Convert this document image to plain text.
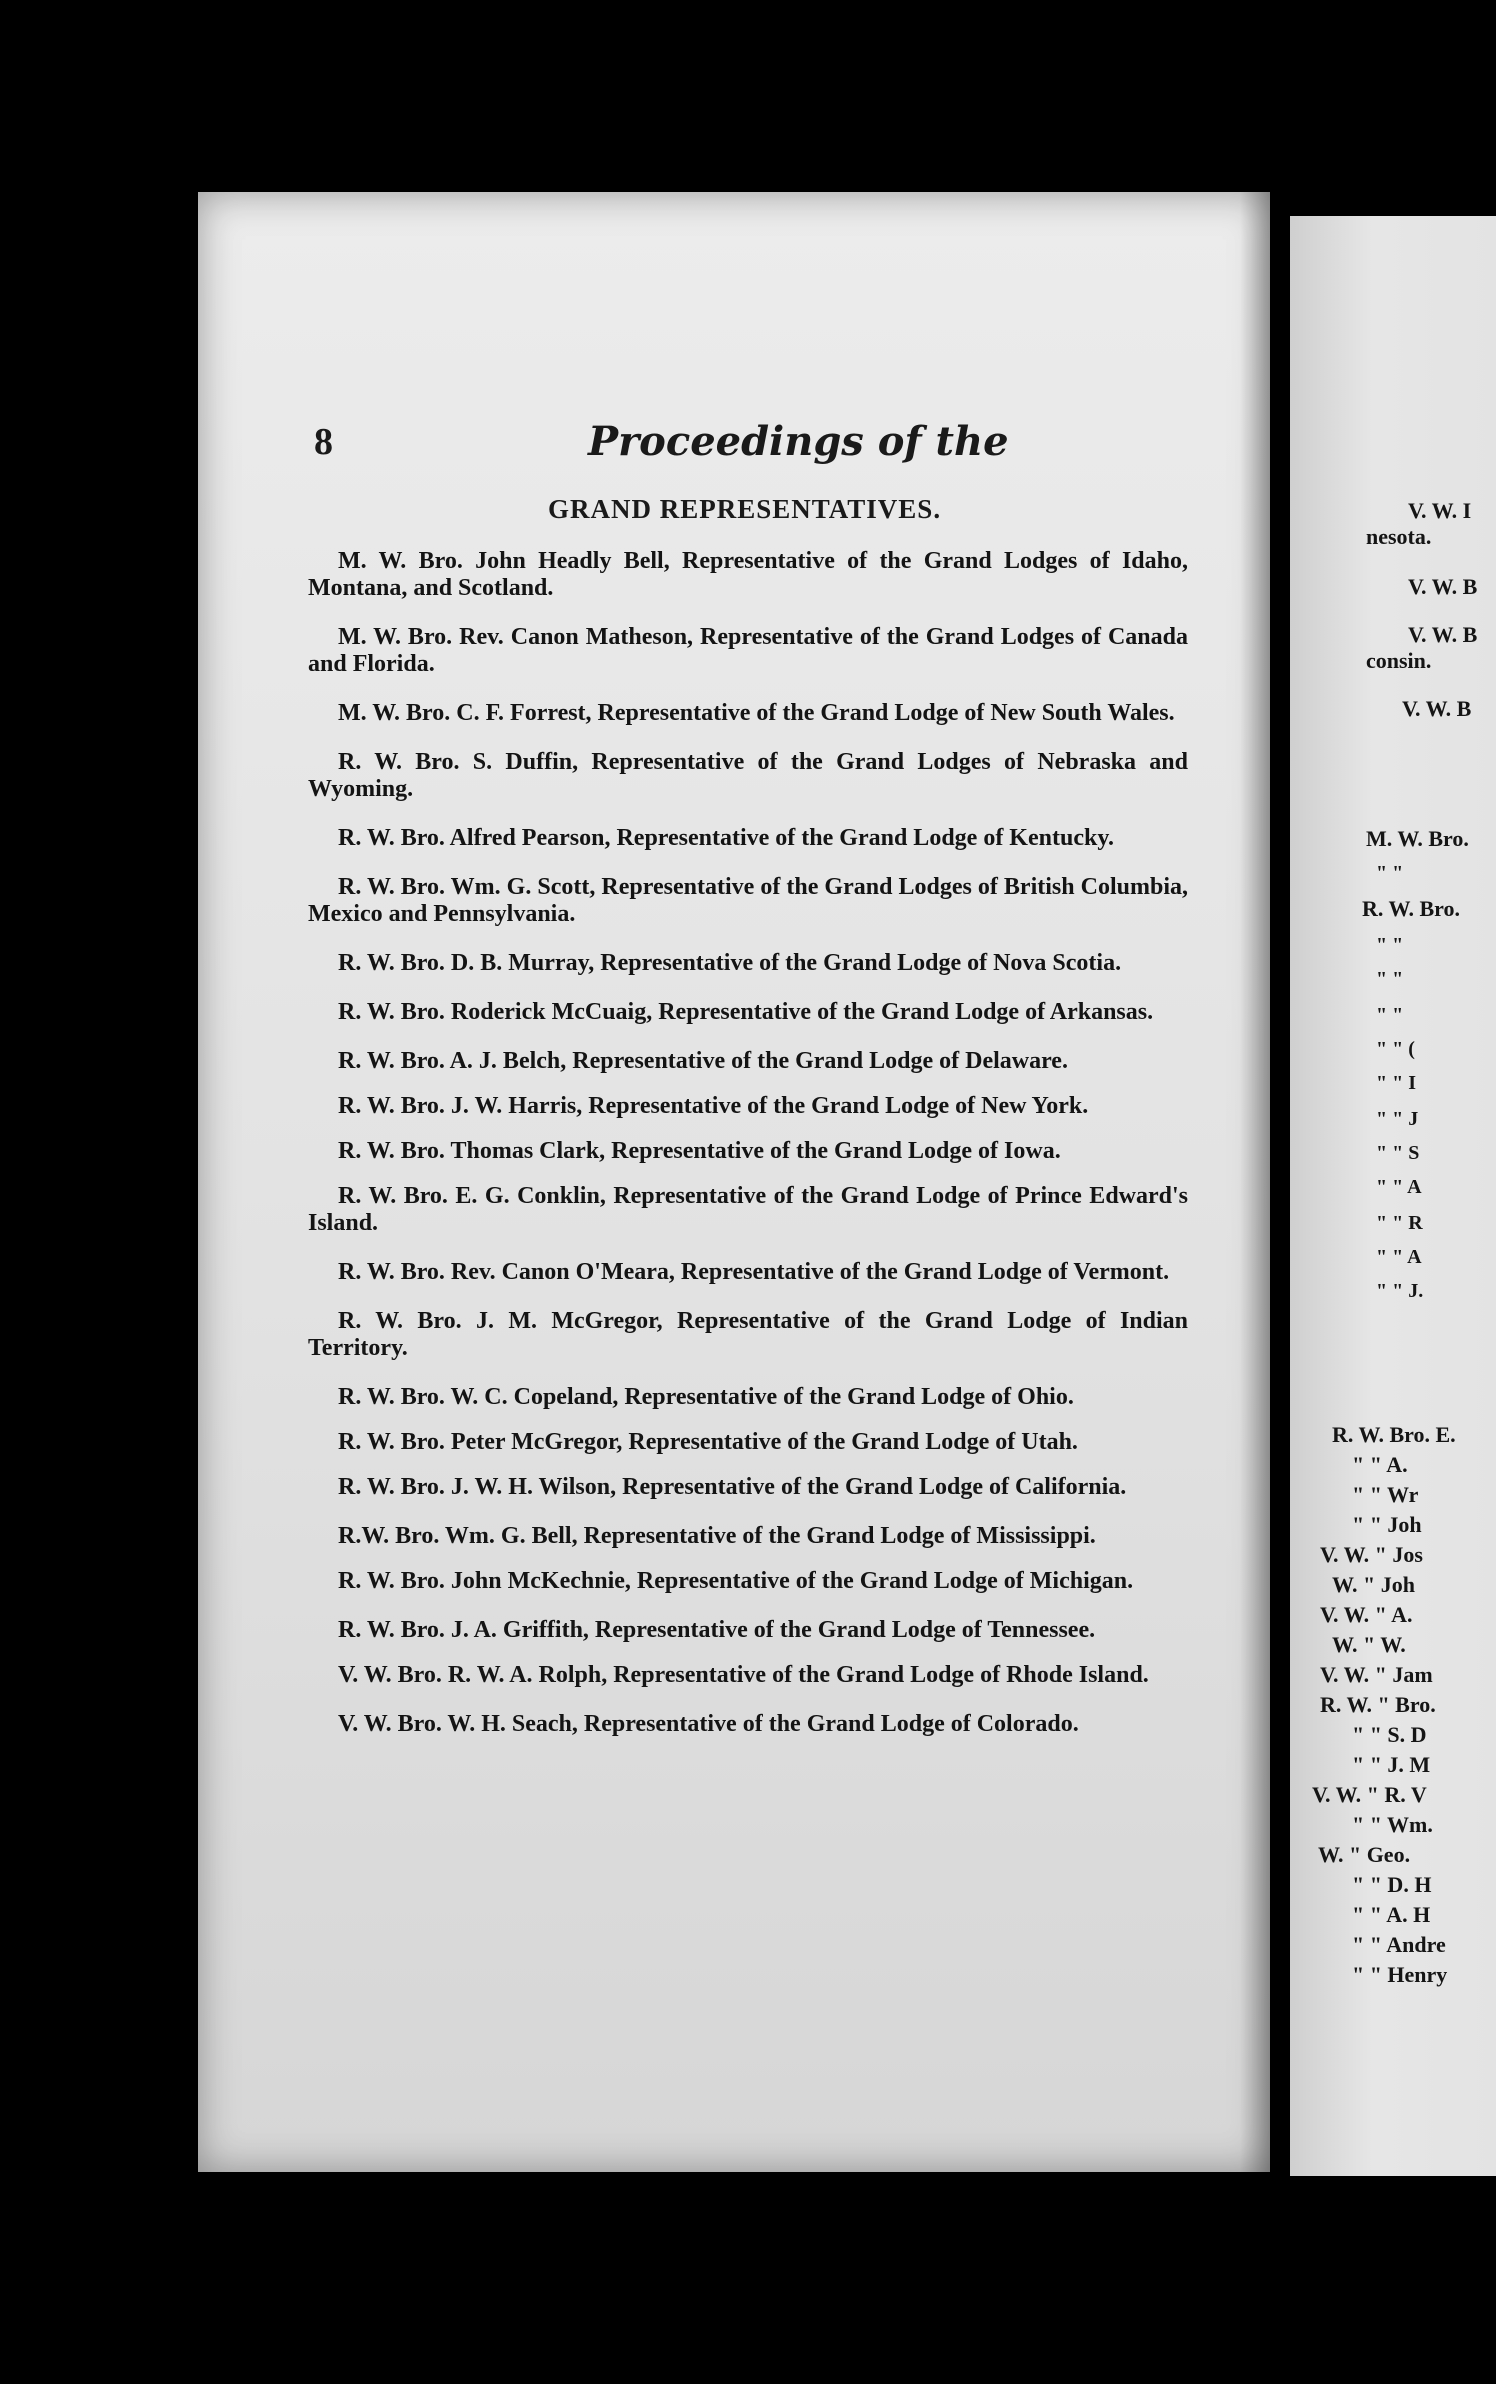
8	Proceedings of the
GRAND REPRESENTATIVES.

M. W. Bro. John Headly Bell, Representative of the Grand Lodges of Idaho, Montana, and Scotland.

M. W. Bro. Rev. Canon Matheson, Representative of the Grand Lodges of Canada and Florida.

M. W. Bro. C. F. Forrest, Representative of the Grand Lodge of New South Wales.

R. W. Bro. S. Duffin, Representative of the Grand Lodges of Nebraska and Wyoming.

R. W. Bro. Alfred Pearson, Representative of the Grand Lodge of Kentucky.

R. W. Bro. Wm. G. Scott, Representative of the Grand Lodges of British Columbia, Mexico and Pennsylvania.

R. W. Bro. D. B. Murray, Representative of the Grand Lodge of Nova Scotia.

R. W. Bro. Roderick McCuaig, Representative of the Grand Lodge of Arkansas.

R. W. Bro. A. J. Belch, Representative of the Grand Lodge of Delaware.

R. W. Bro. J. W. Harris, Representative of the Grand Lodge of New York.

R. W. Bro. Thomas Clark, Representative of the Grand Lodge of Iowa.

R. W. Bro. E. G. Conklin, Representative of the Grand Lodge of Prince Edward's Island.

R. W. Bro. Rev. Canon O'Meara, Representative of the Grand Lodge of Vermont.

R. W. Bro. J. M. McGregor, Representative of the Grand Lodge of Indian Territory.

R. W. Bro. W. C. Copeland, Representative of the Grand Lodge of Ohio.

R. W. Bro. Peter McGregor, Representative of the Grand Lodge of Utah.

R. W. Bro. J. W. H. Wilson, Representative of the Grand Lodge of California.

R.W. Bro. Wm. G. Bell, Representative of the Grand Lodge of Mississippi.

R. W. Bro. John McKechnie, Representative of the Grand Lodge of Michigan.

R. W. Bro. J. A. Griffith, Representative of the Grand Lodge of Tennessee.

V. W. Bro. R. W. A. Rolph, Representative of the Grand Lodge of Rhode Island.

V. W. Bro. W. H. Seach, Representative of the Grand Lodge of Colorado.

V. W. I
nesota.
V. W. B
V. W. B
consin.
V. W. B
M. W. Bro.
" "
R. W. Bro.
" "
" "
" "
" " (
" " I
" " J
" " S
" " A
" " R
" " A
" " J.
R. W. Bro. E.
" " A.
" " Wr
" " Joh
V. W. " Jos
W. " Joh
V. W. " A.
W. " W.
V. W. " Jam
R. W. " Bro.
" " S. D
" " J. M
V. W. " R. V
" " Wm.
W. " Geo.
" " D. H
" " A. H
" " Andre
" " Henry
